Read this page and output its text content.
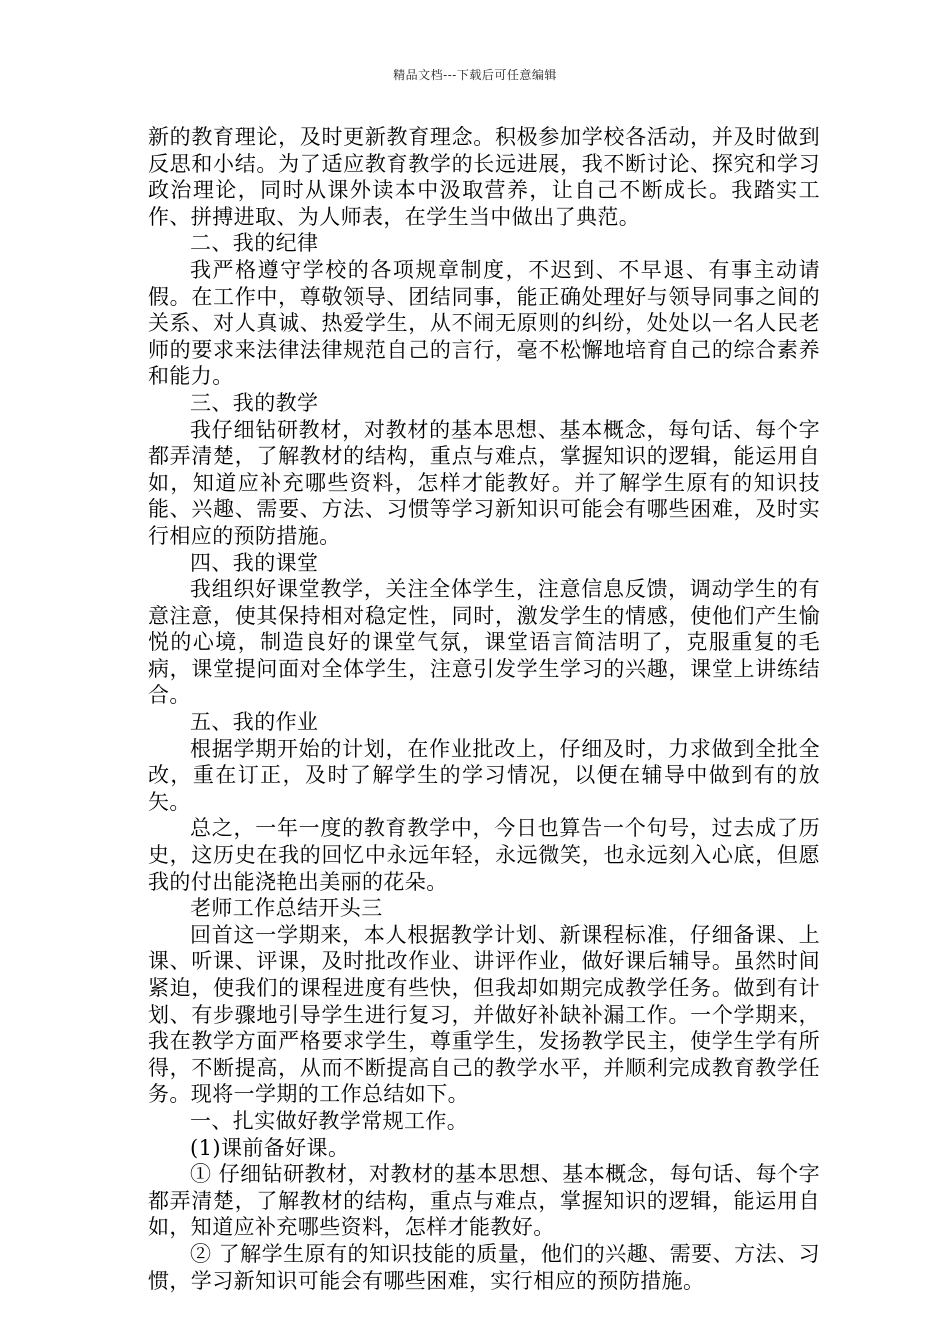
精品文档---下载后可任意编辑

新的教育理论，及时更新教育理念。积极参加学校各活动，并及时做到反思和小结。为了适应教育教学的长远进展，我不断讨论、探究和学习政治理论，同时从课外读本中汲取营养，让自己不断成长。我踏实工作、拼搏进取、为人师表，在学生当中做出了典范。

二、我的纪律

我严格遵守学校的各项规章制度，不迟到、不早退、有事主动请假。在工作中，尊敬领导、团结同事，能正确处理好与领导同事之间的关系、对人真诚、热爱学生，从不闹无原则的纠纷，处处以一名人民老师的要求来法律法律规范自己的言行，毫不松懈地培育自己的综合素养和能力。

三、我的教学

我仔细钻研教材，对教材的基本思想、基本概念，每句话、每个字都弄清楚，了解教材的结构，重点与难点，掌握知识的逻辑，能运用自如，知道应补充哪些资料，怎样才能教好。并了解学生原有的知识技能、兴趣、需要、方法、习惯等学习新知识可能会有哪些困难，及时实行相应的预防措施。

四、我的课堂

我组织好课堂教学，关注全体学生，注意信息反馈，调动学生的有意注意，使其保持相对稳定性，同时，激发学生的情感，使他们产生愉悦的心境，制造良好的课堂气氛，课堂语言简洁明了，克服重复的毛病，课堂提问面对全体学生，注意引发学生学习的兴趣，课堂上讲练结合。

五、我的作业

根据学期开始的计划，在作业批改上，仔细及时，力求做到全批全改，重在订正，及时了解学生的学习情况，以便在辅导中做到有的放矢。

总之，一年一度的教育教学中，今日也算告一个句号，过去成了历史，这历史在我的回忆中永远年轻，永远微笑，也永远刻入心底，但愿我的付出能浇艳出美丽的花朵。

老师工作总结开头三

回首这一学期来，本人根据教学计划、新课程标准，仔细备课、上课、听课、评课，及时批改作业、讲评作业，做好课后辅导。虽然时间紧迫，使我们的课程进度有些快，但我却如期完成教学任务。做到有计划、有步骤地引导学生进行复习，并做好补缺补漏工作。一个学期来，我在教学方面严格要求学生，尊重学生，发扬教学民主，使学生学有所得，不断提高，从而不断提高自己的教学水平，并顺利完成教育教学任务。现将一学期的工作总结如下。

一、扎实做好教学常规工作。

(1)课前备好课。

① 仔细钻研教材，对教材的基本思想、基本概念，每句话、每个字都弄清楚，了解教材的结构，重点与难点，掌握知识的逻辑，能运用自如，知道应补充哪些资料，怎样才能教好。

② 了解学生原有的知识技能的质量，他们的兴趣、需要、方法、习惯，学习新知识可能会有哪些困难，实行相应的预防措施。
